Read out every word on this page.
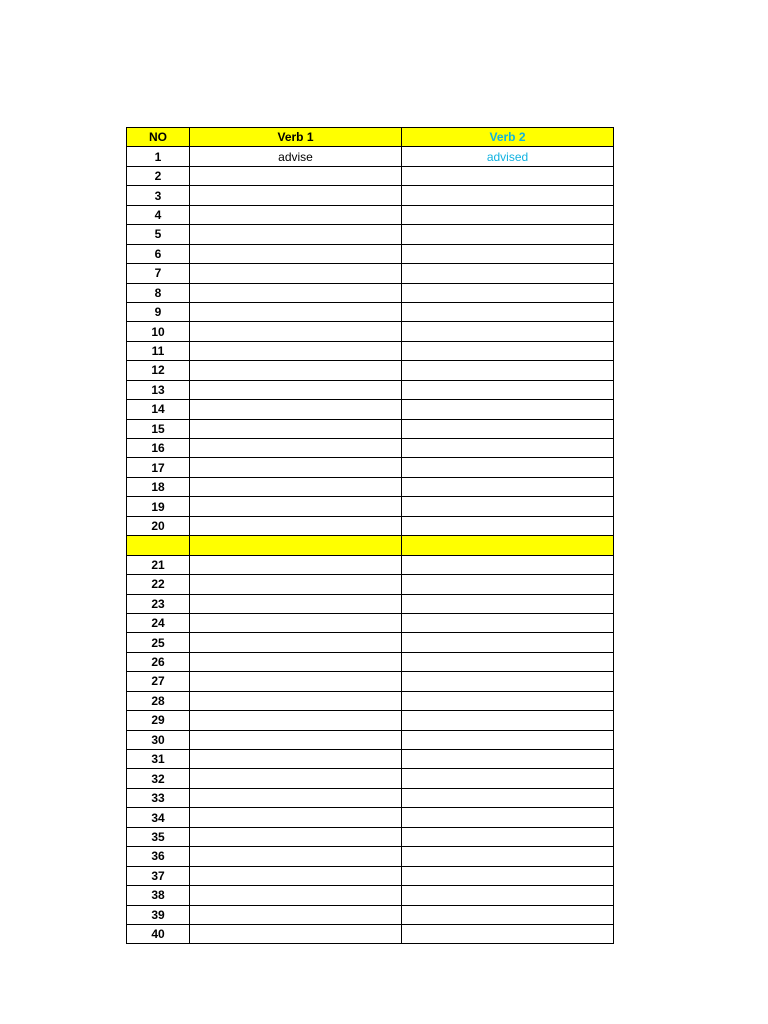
NO	Verb 1	Verb 2
1	advise	advised
2		
3		
4		
5		
6		
7		
8		
9		
10		
11		
12		
13		
14		
15		
16		
17		
18		
19		
20		

21		
22		
23		
24		
25		
26		
27		
28		
29		
30		
31		
32		
33		
34		
35		
36		
37		
38		
39		
40		
